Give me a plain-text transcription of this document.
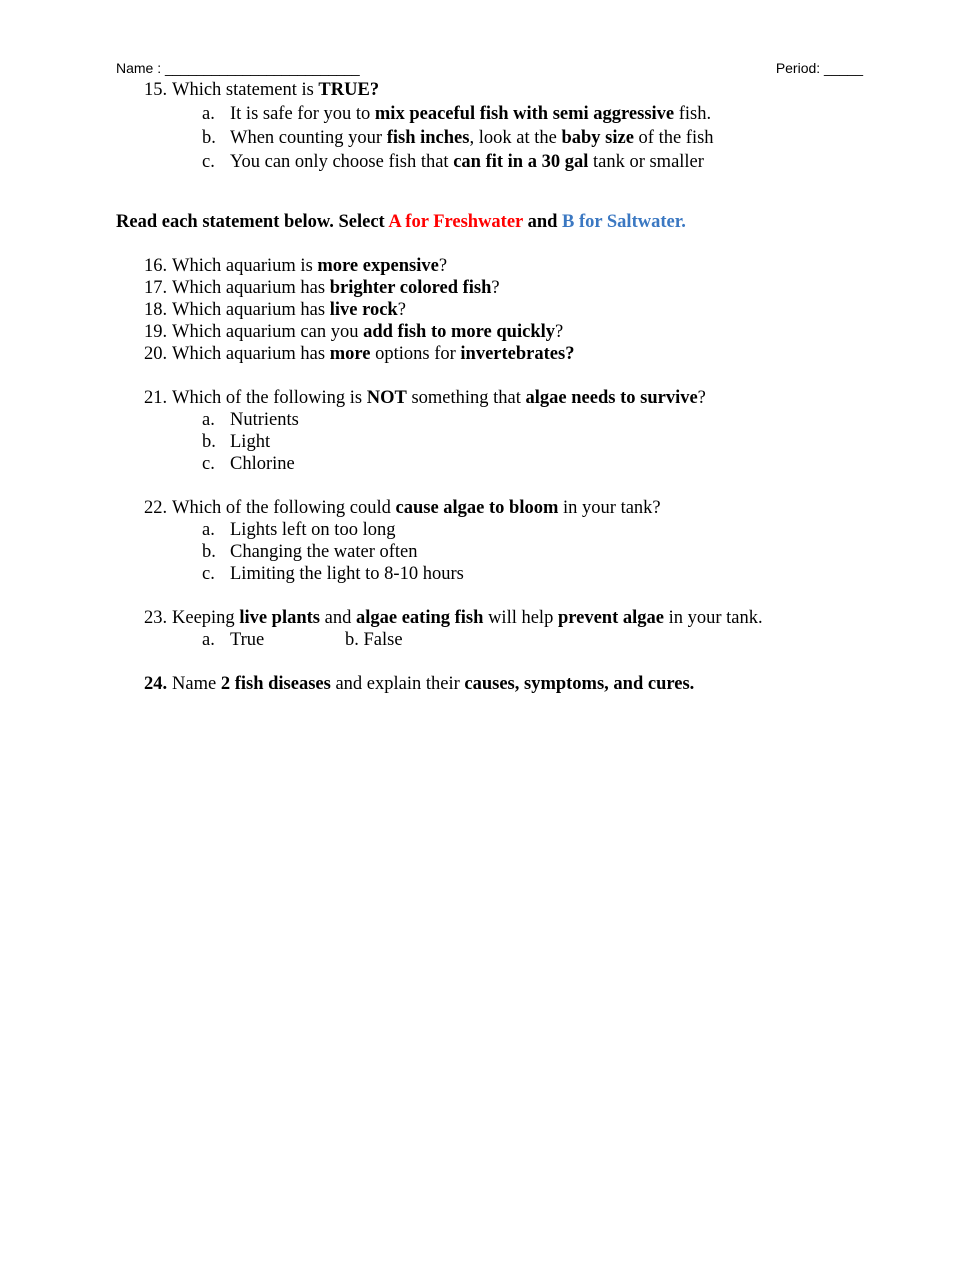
Name : _________________________	Period: _____
15. Which statement is TRUE?
a. It is safe for you to mix peaceful fish with semi aggressive fish.
b. When counting your fish inches, look at the baby size of the fish
c. You can only choose fish that can fit in a 30 gal tank or smaller
Read each statement below. Select A for Freshwater and B for Saltwater.
16. Which aquarium is more expensive?
17. Which aquarium has brighter colored fish?
18. Which aquarium has live rock?
19. Which aquarium can you add fish to more quickly?
20. Which aquarium has more options for invertebrates?
21. Which of the following is NOT something that algae needs to survive?
a. Nutrients
b. Light
c. Chlorine
22. Which of the following could cause algae to bloom in your tank?
a. Lights left on too long
b. Changing the water often
c. Limiting the light to 8-10 hours
23. Keeping live plants and algae eating fish will help prevent algae in your tank.
a. True	b. False
24. Name 2 fish diseases and explain their causes, symptoms, and cures.
